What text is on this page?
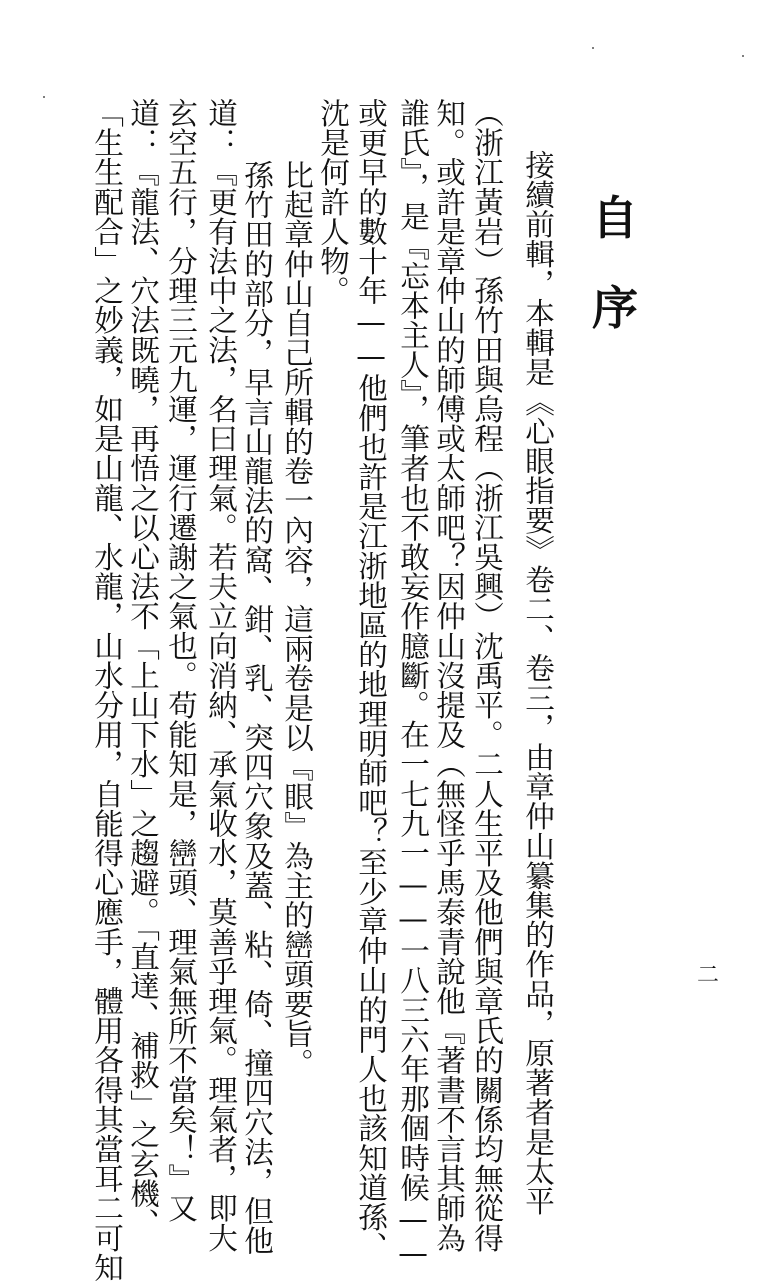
自
序
接續前輯，本輯是《心眼指要》卷二、卷三，由章仲山纂集的作品，原著者是太平
（浙江黃岩）孫竹田與烏程（浙江吳興）沈禹平。二人生平及他們與章氏的關係均無從得
知。或許是章仲山的師傅或太師吧？因仲山沒提及（無怪乎馬泰青說他『著書不言其師為
誰氏』，是『忘本主人』，筆者也不敢妄作臆斷。在一七九一——一八三六年那個時候——
或更早的數十年——他們也許是江浙地區的地理明師吧？至少章仲山的門人也該知道孫、
沈是何許人物。
比起章仲山自己所輯的卷一內容，這兩卷是以『眼』為主的巒頭要旨。
孫竹田的部分，早言山龍法的窩、鉗、乳、突四穴象及蓋、粘、倚、撞四穴法，但他
道：『更有法中之法，名曰理氣。若夫立向消納、承氣收水，莫善乎理氣。理氣者，即大
玄空五行，分理三元九運，運行遷謝之氣也。苟能知是，巒頭、理氣無所不當矣！』又
道：『龍法、穴法既曉，再悟之以心法不「上山下水」之趨避。「直達、補救」之玄機、
「生生配合」之妙義，如是山龍、水龍，山水分用，自能得心應手，體用各得其當耳二可知	二
